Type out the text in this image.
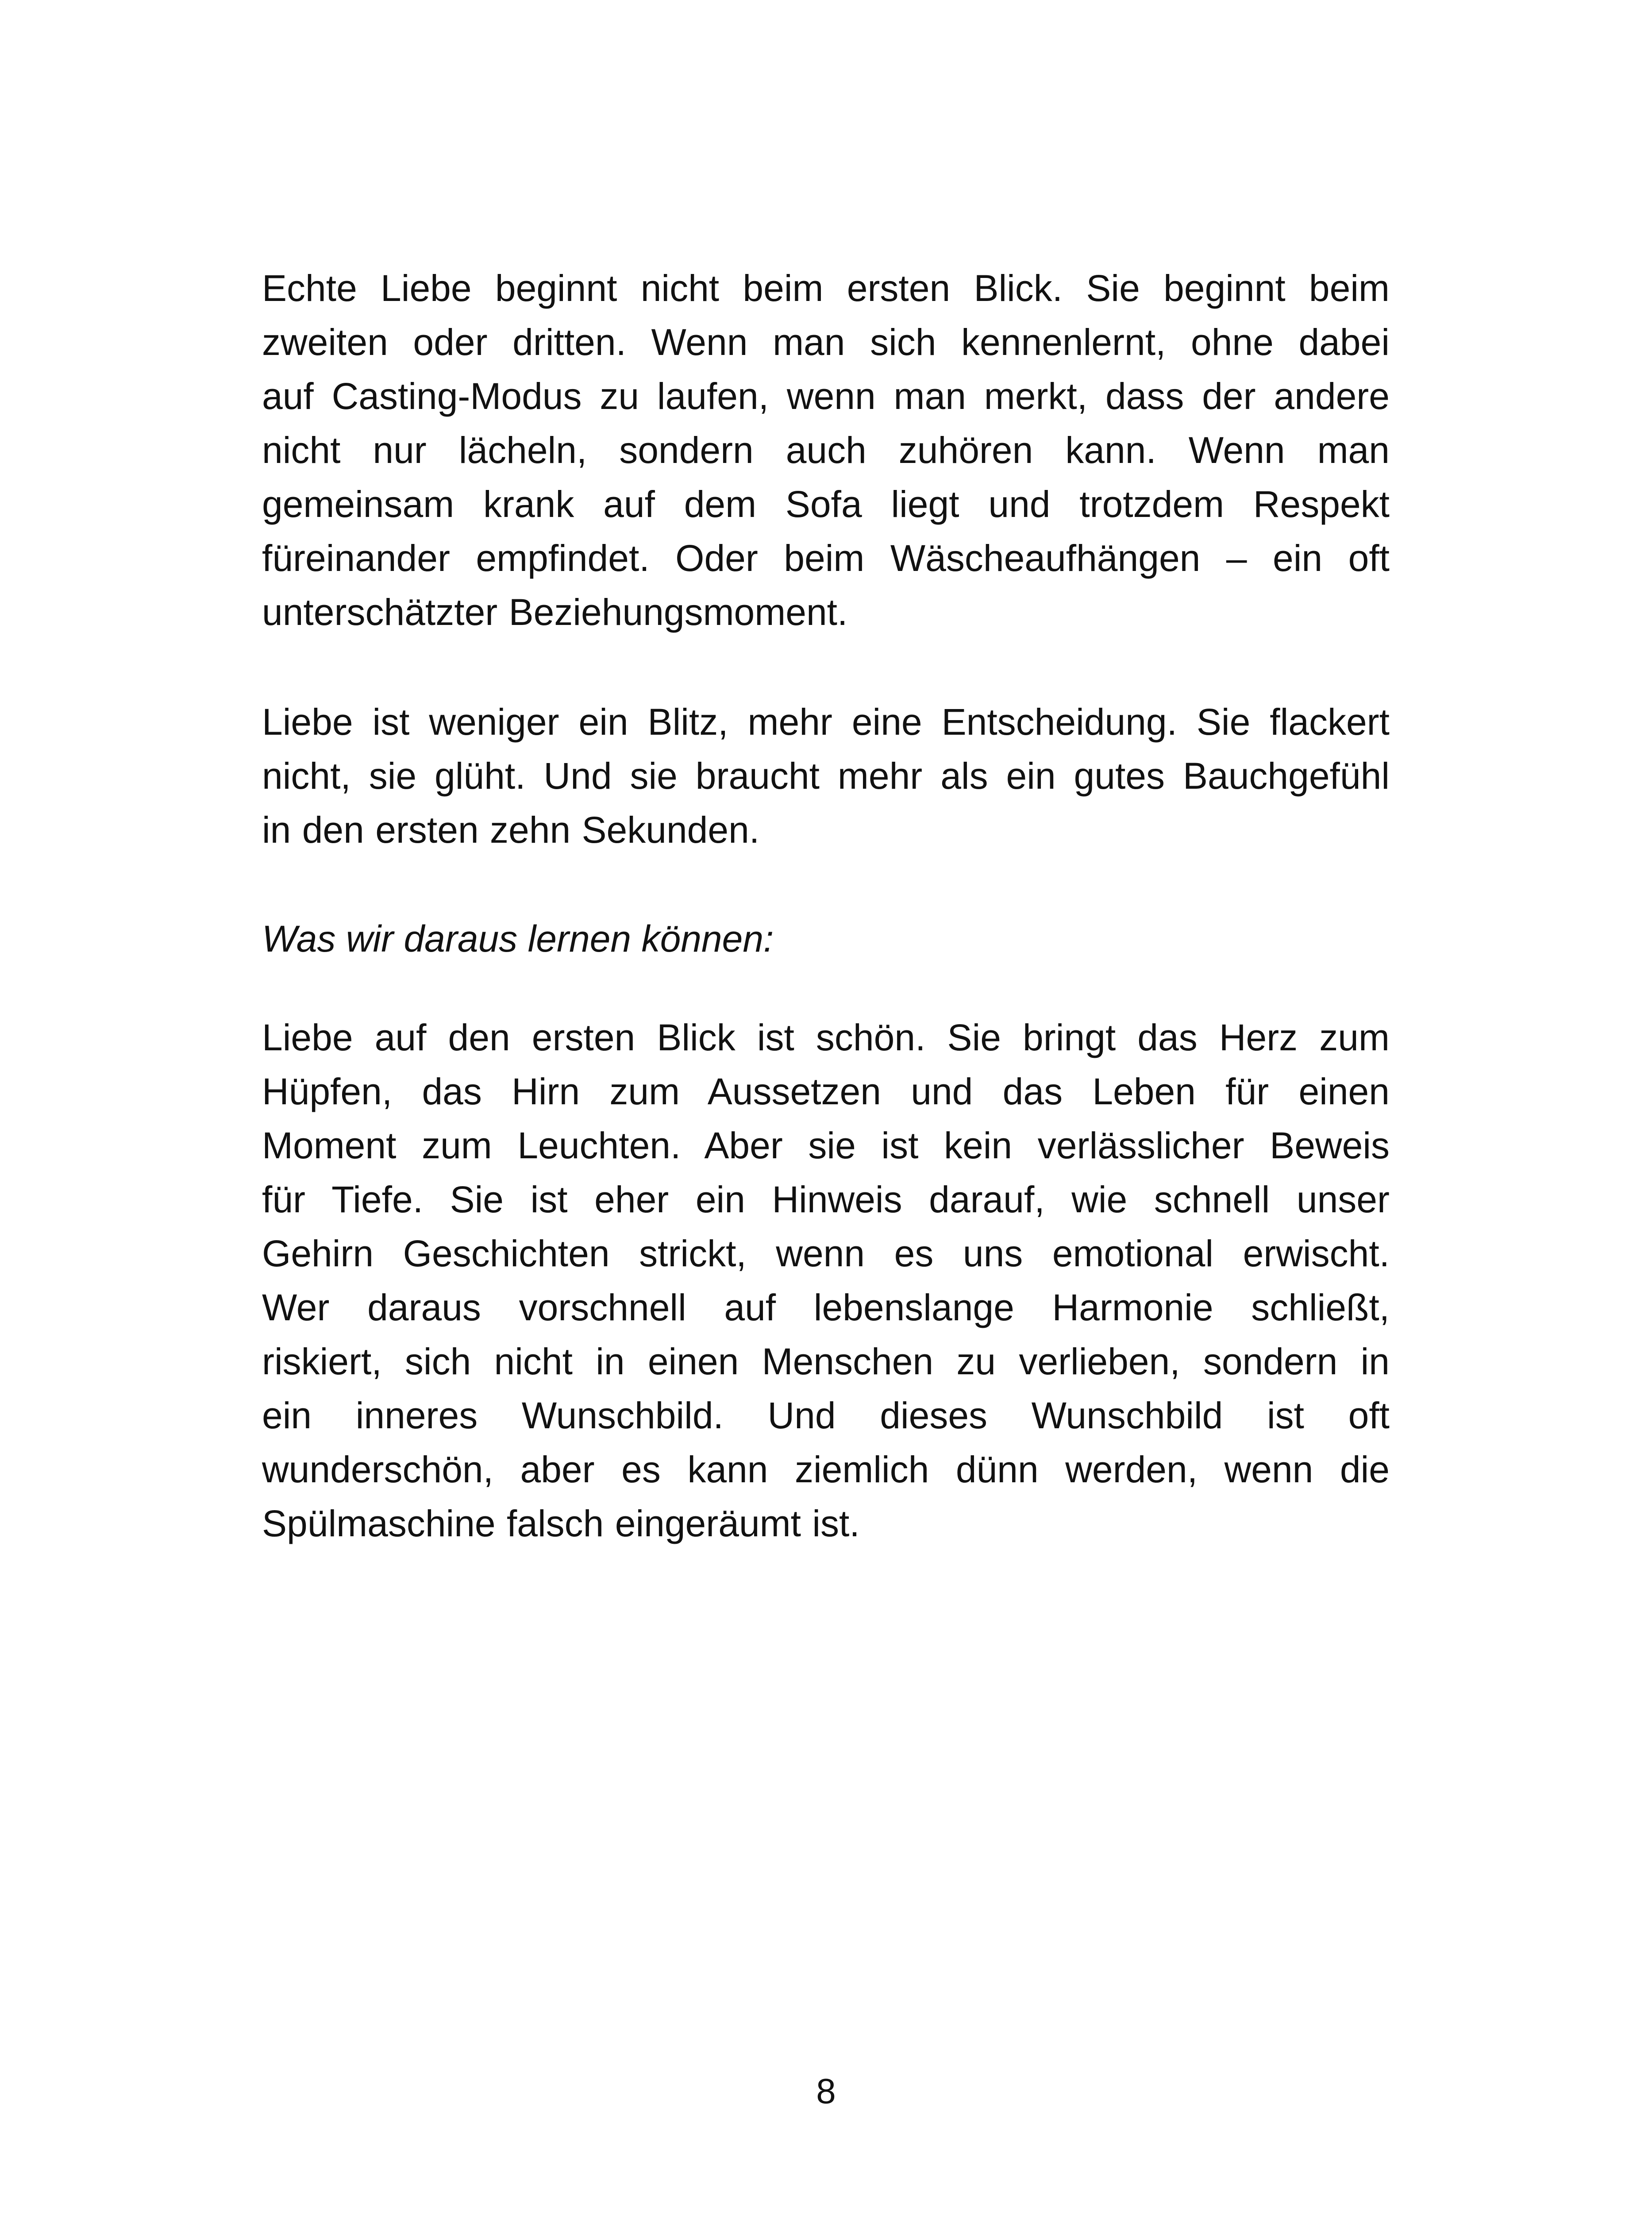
Echte Liebe beginnt nicht beim ersten Blick. Sie beginnt beim
zweiten oder dritten. Wenn man sich kennenlernt, ohne dabei
auf Casting-Modus zu laufen, wenn man merkt, dass der andere
nicht nur lächeln, sondern auch zuhören kann. Wenn man
gemeinsam krank auf dem Sofa liegt und trotzdem Respekt
füreinander empfindet. Oder beim Wäscheaufhängen – ein oft
unterschätzter Beziehungsmoment.
Liebe ist weniger ein Blitz, mehr eine Entscheidung. Sie flackert
nicht, sie glüht. Und sie braucht mehr als ein gutes Bauchgefühl
in den ersten zehn Sekunden.
Was wir daraus lernen können:
Liebe auf den ersten Blick ist schön. Sie bringt das Herz zum
Hüpfen, das Hirn zum Aussetzen und das Leben für einen
Moment zum Leuchten. Aber sie ist kein verlässlicher Beweis
für Tiefe. Sie ist eher ein Hinweis darauf, wie schnell unser
Gehirn Geschichten strickt, wenn es uns emotional erwischt.
Wer daraus vorschnell auf lebenslange Harmonie schließt,
riskiert, sich nicht in einen Menschen zu verlieben, sondern in
ein inneres Wunschbild. Und dieses Wunschbild ist oft
wunderschön, aber es kann ziemlich dünn werden, wenn die
Spülmaschine falsch eingeräumt ist.
8
